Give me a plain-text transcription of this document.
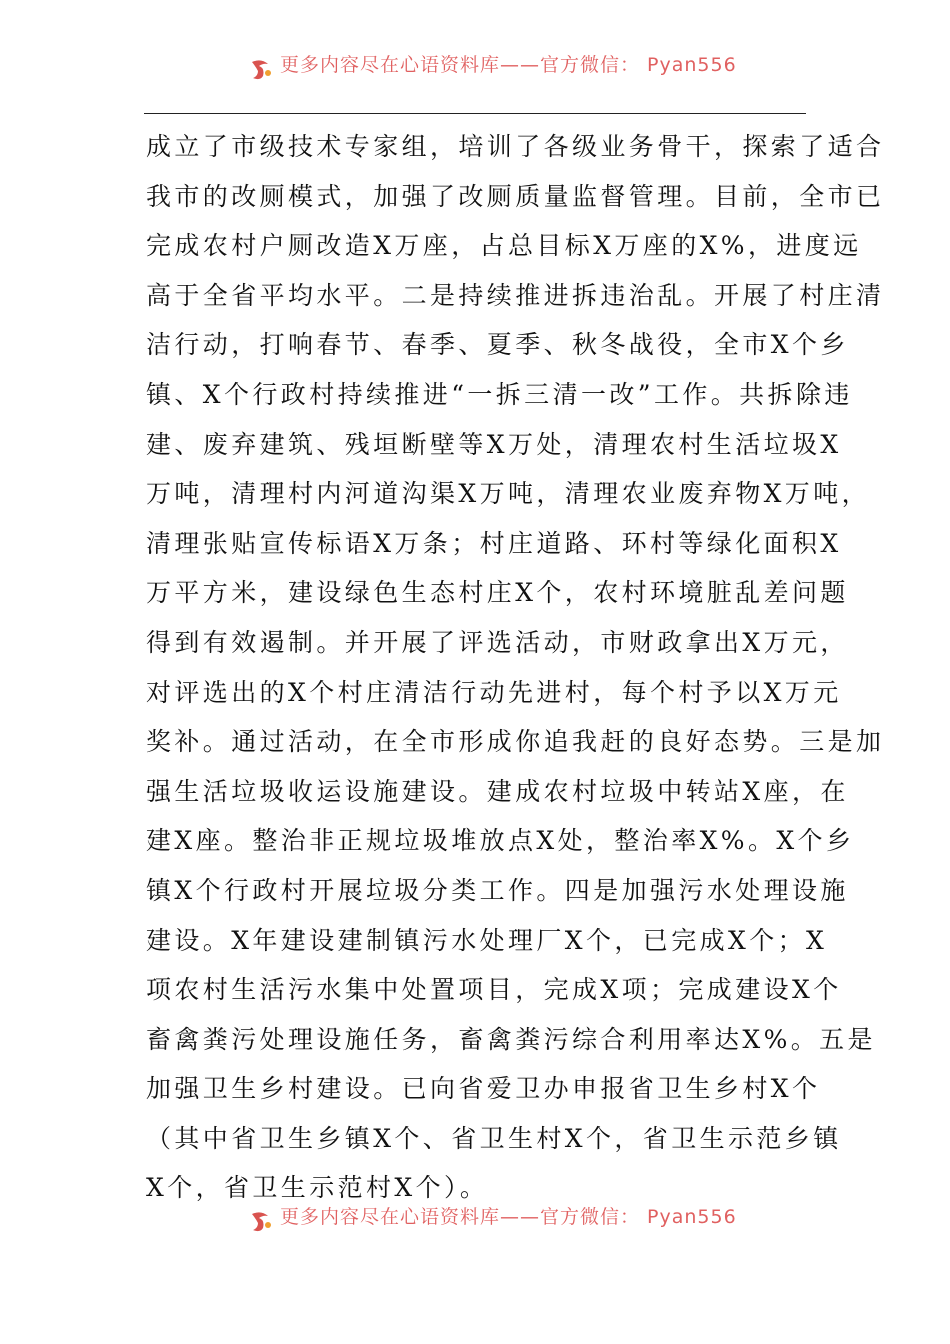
更多内容尽在心语资料库——官方微信： Pyan556
成立了市级技术专家组，培训了各级业务骨干，探索了适合
我市的改厕模式，加强了改厕质量监督管理。目前，全市已
完成农村户厕改造X万座，占总目标X万座的X%，进度远
高于全省平均水平。二是持续推进拆违治乱。开展了村庄清
洁行动，打响春节、春季、夏季、秋冬战役，全市X个乡
镇、X个行政村持续推进“一拆三清一改”工作。共拆除违
建、废弃建筑、残垣断壁等X万处，清理农村生活垃圾X
万吨，清理村内河道沟渠X万吨，清理农业废弃物X万吨，
清理张贴宣传标语X万条；村庄道路、环村等绿化面积X
万平方米，建设绿色生态村庄X个，农村环境脏乱差问题
得到有效遏制。并开展了评选活动，市财政拿出X万元，
对评选出的X个村庄清洁行动先进村，每个村予以X万元
奖补。通过活动，在全市形成你追我赶的良好态势。三是加
强生活垃圾收运设施建设。建成农村垃圾中转站X座，在
建X座。整治非正规垃圾堆放点X处，整治率X%。X个乡
镇X个行政村开展垃圾分类工作。四是加强污水处理设施
建设。X年建设建制镇污水处理厂X个，已完成X个；X
项农村生活污水集中处置项目，完成X项；完成建设X个
畜禽粪污处理设施任务，畜禽粪污综合利用率达X%。五是
加强卫生乡村建设。已向省爱卫办申报省卫生乡村X个
（其中省卫生乡镇X个、省卫生村X个，省卫生示范乡镇
X个，省卫生示范村X个）。
更多内容尽在心语资料库——官方微信： Pyan556
